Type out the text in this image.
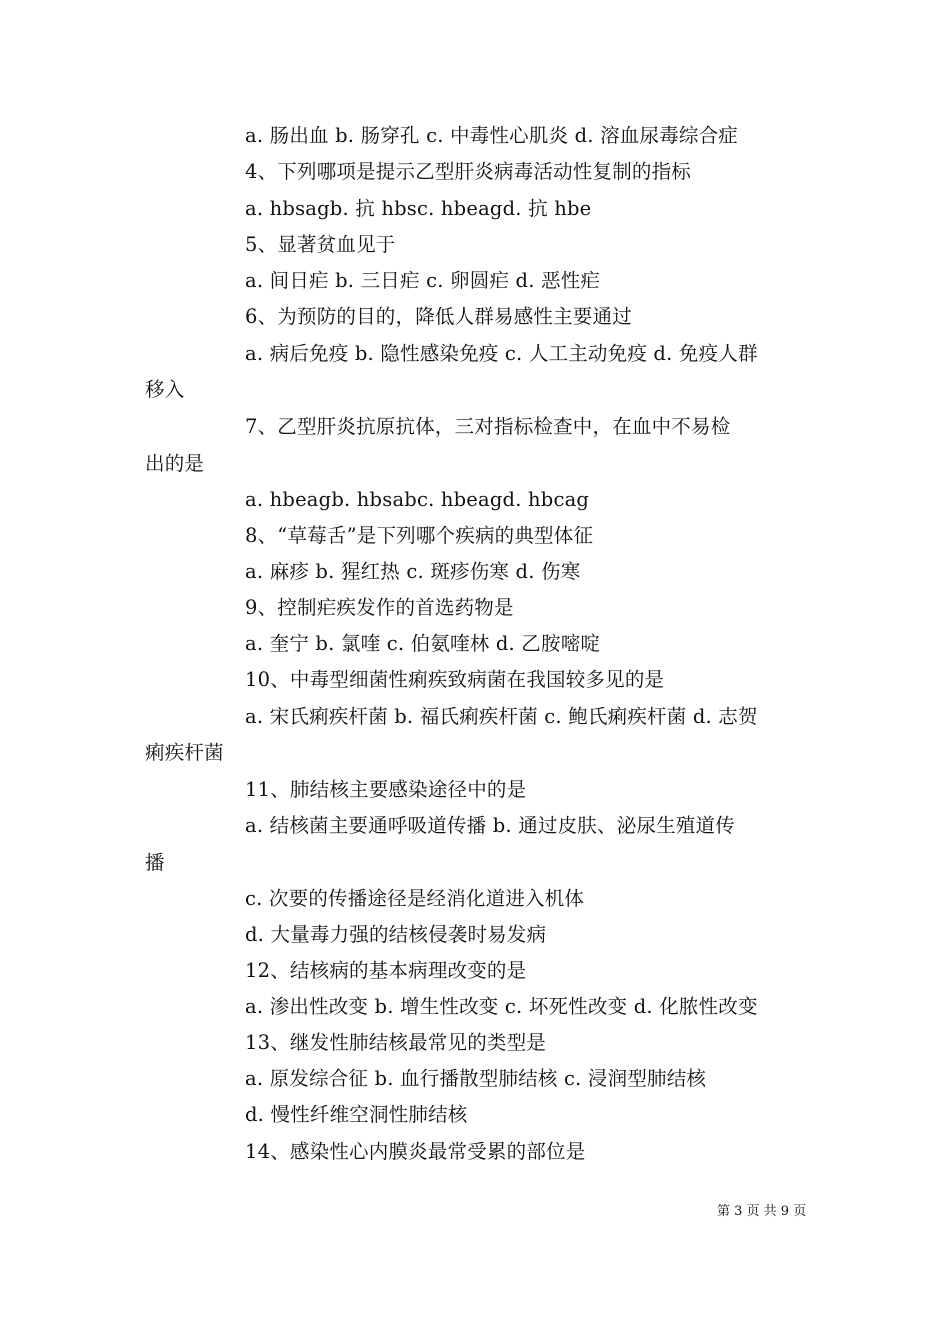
a. 肠出血 b. 肠穿孔 c. 中毒性心肌炎 d. 溶血尿毒综合症
4、下列哪项是提示乙型肝炎病毒活动性复制的指标
a. hbsagb. 抗 hbsc. hbeagd. 抗 hbe
5、显著贫血见于
a. 间日疟 b. 三日疟 c. 卵圆疟 d. 恶性疟
6、为预防的目的，降低人群易感性主要通过
a. 病后免疫 b. 隐性感染免疫 c. 人工主动免疫 d. 免疫人群
移入
7、乙型肝炎抗原抗体，三对指标检查中，在血中不易检
出的是
a. hbeagb. hbsabc. hbeagd. hbcag
8、“草莓舌”是下列哪个疾病的典型体征
a. 麻疹 b. 猩红热 c. 斑疹伤寒 d. 伤寒
9、控制疟疾发作的首选药物是
a. 奎宁 b. 氯喹 c. 伯氨喹林 d. 乙胺嘧啶
10、中毒型细菌性痢疾致病菌在我国较多见的是
a. 宋氏痢疾杆菌 b. 福氏痢疾杆菌 c. 鲍氏痢疾杆菌 d. 志贺
痢疾杆菌
11、肺结核主要感染途径中的是
a. 结核菌主要通呼吸道传播 b. 通过皮肤、泌尿生殖道传
播
c. 次要的传播途径是经消化道进入机体
d. 大量毒力强的结核侵袭时易发病
12、结核病的基本病理改变的是
a. 渗出性改变 b. 增生性改变 c. 坏死性改变 d. 化脓性改变
13、继发性肺结核最常见的类型是
a. 原发综合征 b. 血行播散型肺结核 c. 浸润型肺结核
d. 慢性纤维空洞性肺结核
14、感染性心内膜炎最常受累的部位是
第 3 页 共 9 页
